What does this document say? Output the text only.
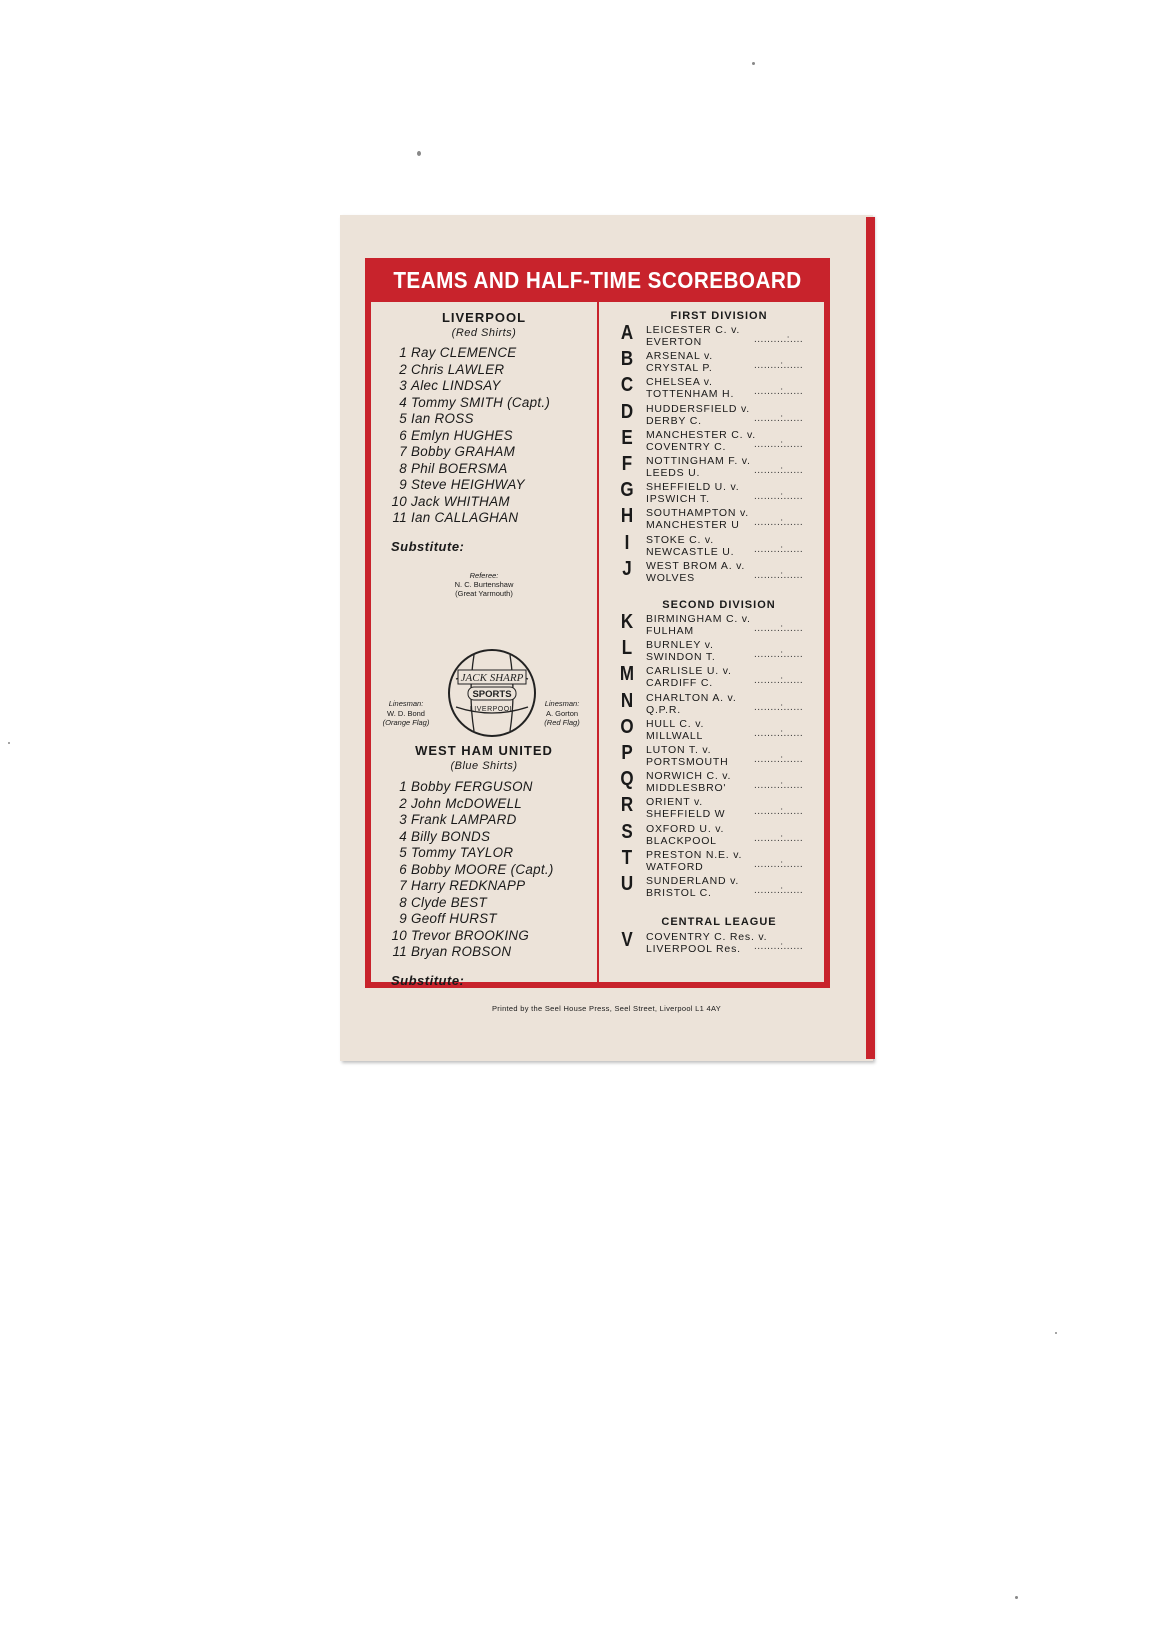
TEAMS AND HALF-TIME SCOREBOARD
LIVERPOOL
(Red Shirts)
1 Ray CLEMENCE
2 Chris LAWLER
3 Alec LINDSAY
4 Tommy SMITH (Capt.)
5 Ian ROSS
6 Emlyn HUGHES
7 Bobby GRAHAM
8 Phil BOERSMA
9 Steve HEIGHWAY
10 Jack WHITHAM
11 Ian CALLAGHAN
Substitute:
Referee:
N. C. Burtenshaw
(Great Yarmouth)
JACK SHARP
SPORTS
LIVERPOOL
Linesman:
W. D. Bond
(Orange Flag)
Linesman:
A. Gorton
(Red Flag)
WEST HAM UNITED
(Blue Shirts)
1 Bobby FERGUSON
2 John McDOWELL
3 Frank LAMPARD
4 Billy BONDS
5 Tommy TAYLOR
6 Bobby MOORE (Capt.)
7 Harry REDKNAPP
8 Clyde BEST
9 Geoff HURST
10 Trevor BROOKING
11 Bryan ROBSON
Substitute:
FIRST DIVISION
A LEICESTER C. v.
EVERTON	..........:....
B ARSENAL v.
CRYSTAL P.	........:......
C CHELSEA v.
TOTTENHAM H. ........:......
D HUDDERSFIELD v.
DERBY C.	........:......
E MANCHESTER C. v.
COVENTRY C.	........:......
F	NOTTINGHAM F. v.
LEEDS U.	........:......
G SHEFFIELD U. v.
IPSWICH T.	........:......
H SOUTHAMPTON v.
MANCHESTER U ........:......
I	STOKE C. v.
NEWCASTLE U. ........:......
J	WEST BROM A. v.
WOLVES	........:......
SECOND DIVISION
K BIRMINGHAM C. v.
FULHAM	........:......
L	BURNLEY v.
SWINDON T.	........:......
M CARLISLE U. v.
CARDIFF C.	........:......
N CHARLTON A. v.
Q.P.R.	........:......
O HULL C. v.
MILLWALL	........:......
P LUTON T. v.
PORTSMOUTH	........:......
Q NORWICH C. v.
MIDDLESBRO'	........:......
R ORIENT v.
SHEFFIELD W	........:......
S OXFORD U. v.
BLACKPOOL	........:......
T	PRESTON N.E. v.
WATFORD	........:......
U SUNDERLAND v.
BRISTOL C.	........:......
CENTRAL LEAGUE
V COVENTRY C. Res. v.
LIVERPOOL Res. ........:......
Printed by the Seel House Press, Seel Street, Liverpool L1 4AY
